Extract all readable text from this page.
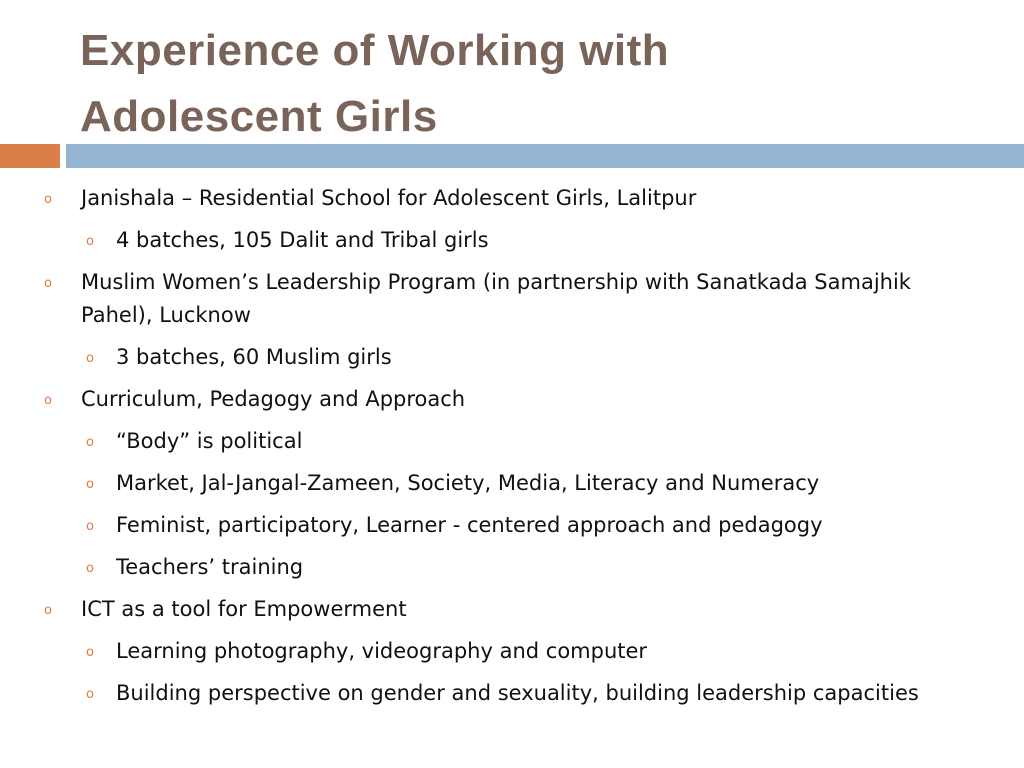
Experience of Working with
Adolescent Girls
o Janishala – Residential School for Adolescent Girls, Lalitpur
o 4 batches, 105 Dalit and Tribal girls
o Muslim Women’s Leadership Program (in partnership with Sanatkada Samajhik Pahel), Lucknow
o 3 batches, 60 Muslim girls
o Curriculum, Pedagogy and Approach
o “Body” is political
o Market, Jal-Jangal-Zameen, Society, Media, Literacy and Numeracy
o Feminist, participatory, Learner - centered approach and pedagogy
o Teachers’ training
o ICT as a tool for Empowerment
o Learning photography, videography and computer
o Building perspective on gender and sexuality, building leadership capacities
